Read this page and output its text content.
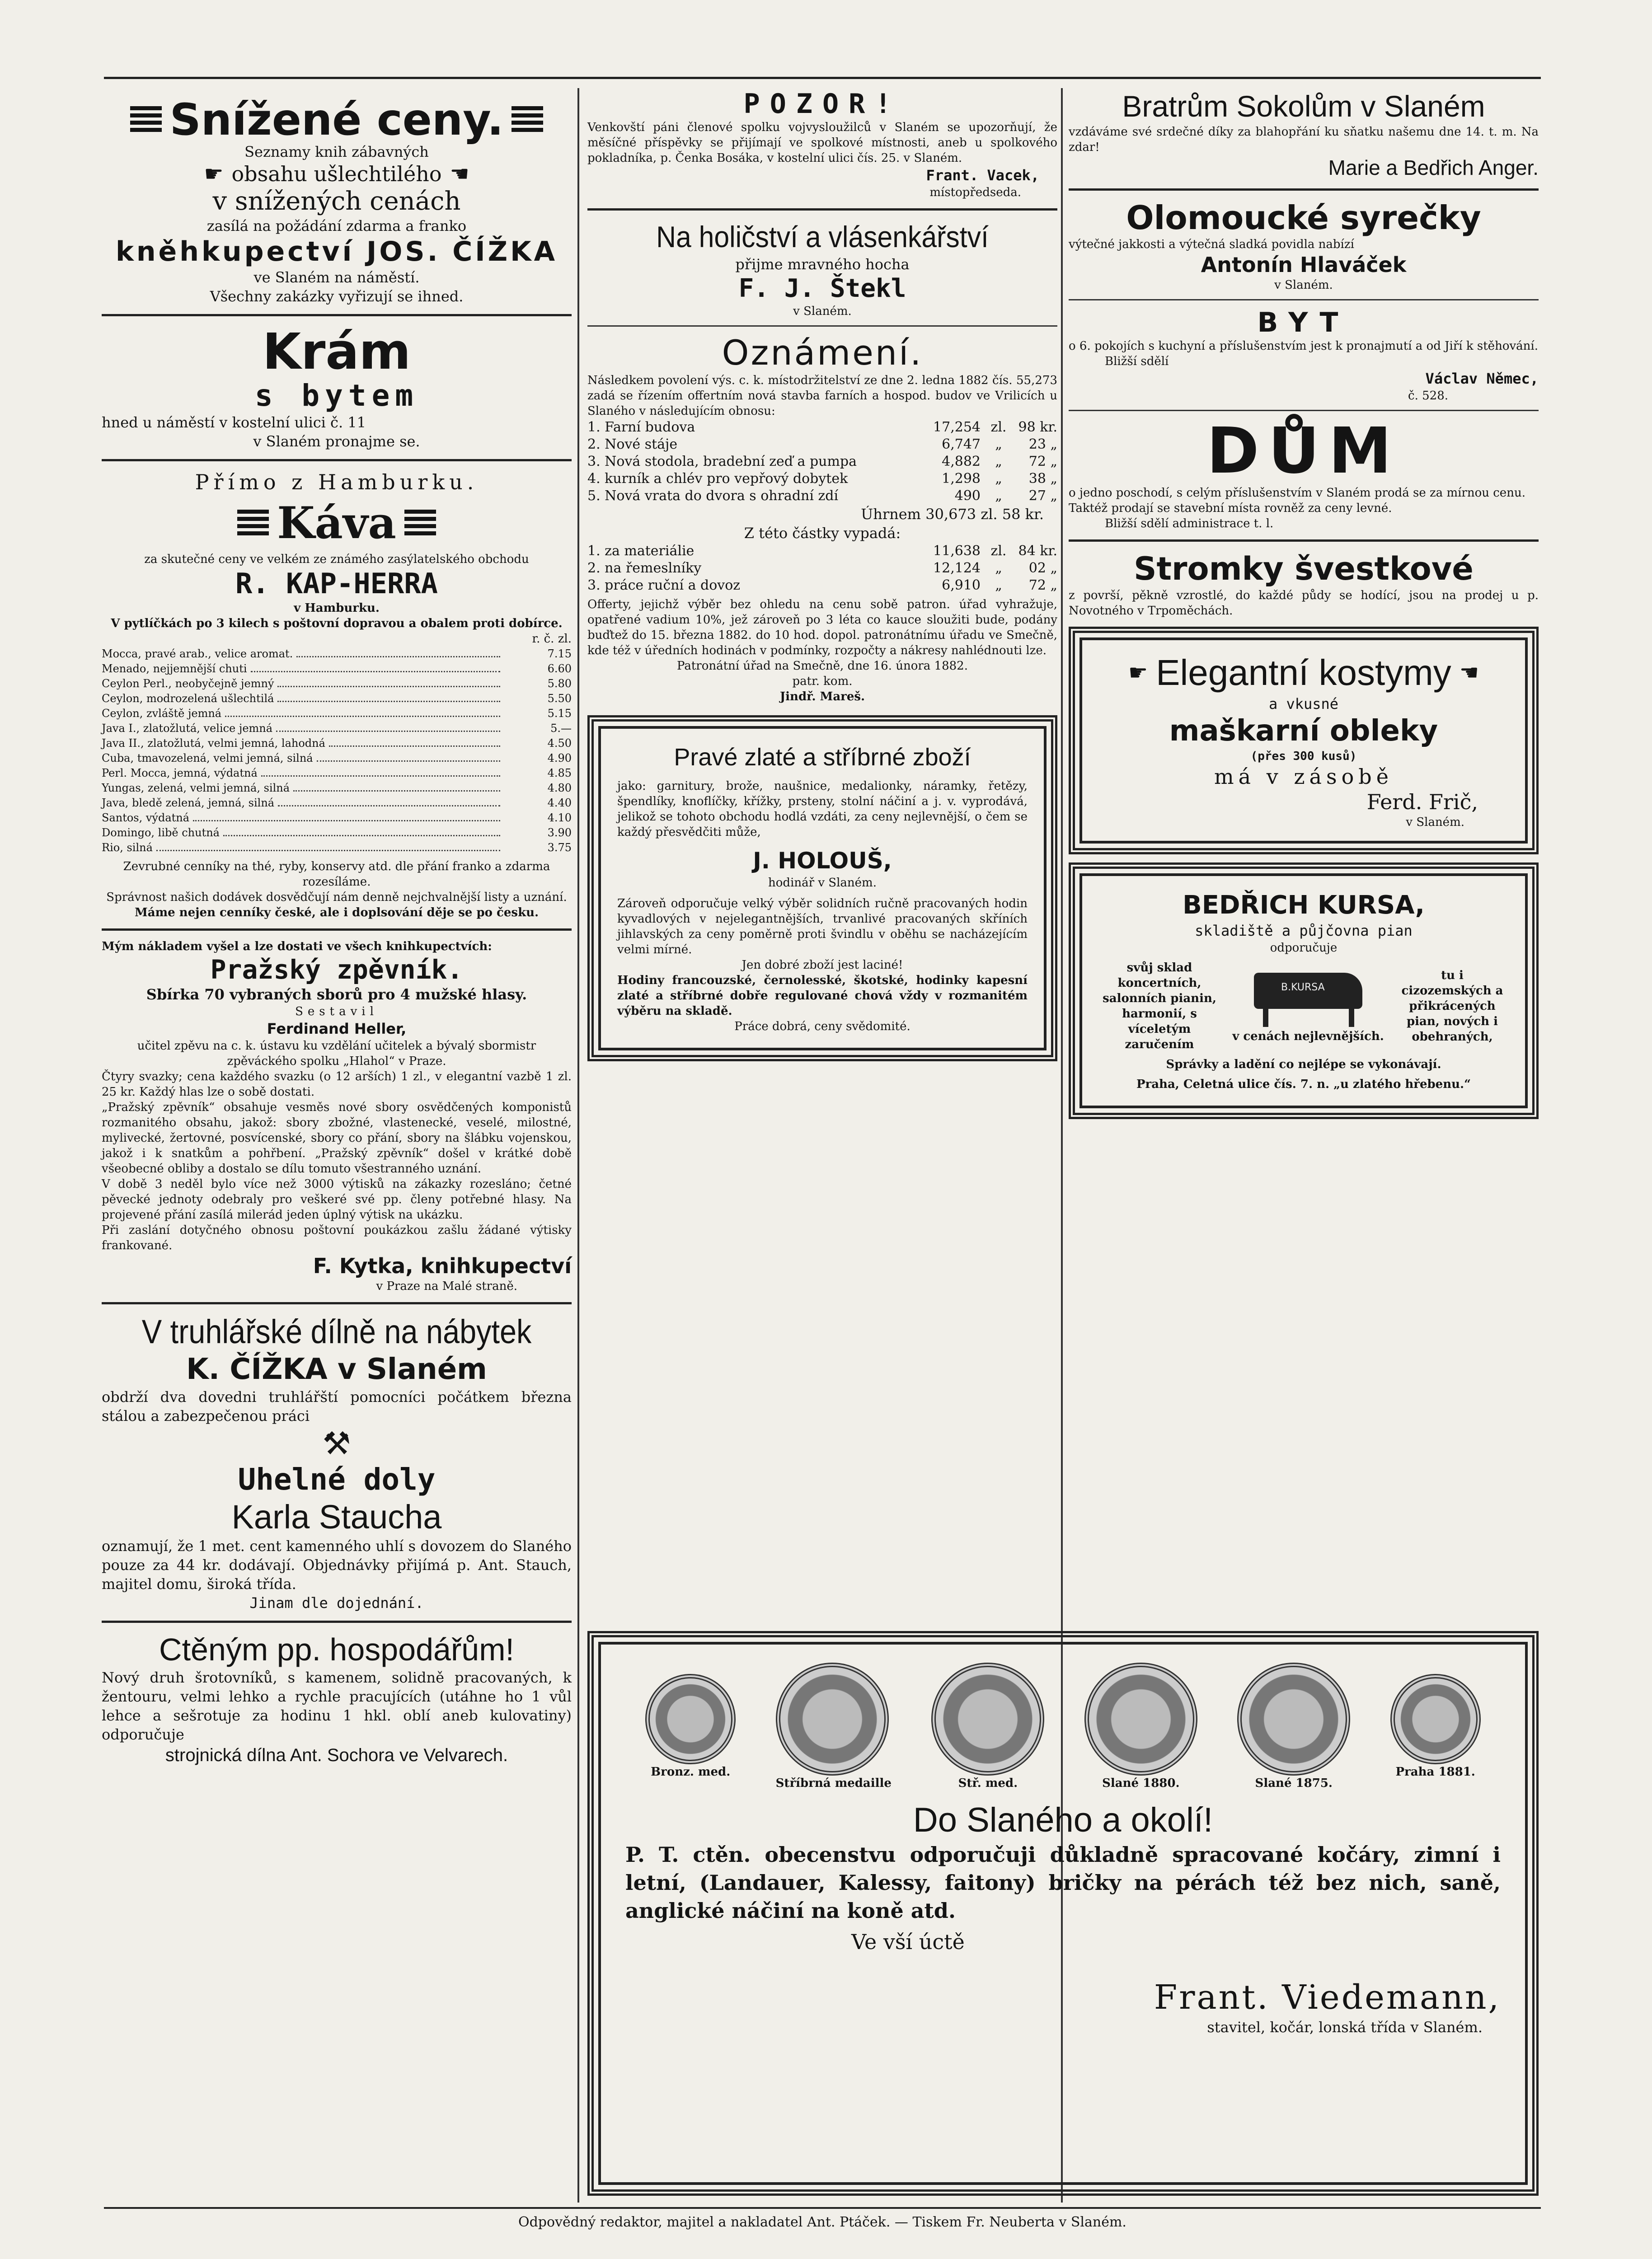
Snížené ceny.
Seznamy knih zábavných
☛ obsahu ušlechtilého ☚
v snížených cenách
zasílá na požádání zdarma a franko
kněhkupectví JOS. ČÍŽKA
ve Slaném na náměstí.
Všechny zakázky vyřizují se ihned.
Krám
s bytem
hned u náměstí v kostelní ulici č. 11
v Slaném pronajme se.
Přímo z Hamburku.
Káva
za skutečné ceny ve velkém ze známého zasýlatelského obchodu
R. KAP-HERRA
v Hamburku.
V pytlíčkách po 3 kilech s poštovní dopravou a obalem proti dobírce.
r. č. zl.
Mocca, pravé arab., velice aromat.	7.15
Menado, nejjemnější chuti	6.60
Ceylon Perl., neobyčejně jemný	5.80
Ceylon, modrozelená ušlechtilá	5.50
Ceylon, zvláště jemná	5.15
Java I., zlatožlutá, velice jemná	5.—
Java II., zlatožlutá, velmi jemná, lahodná	4.50
Cuba, tmavozelená, velmi jemná, silná	4.90
Perl. Mocca, jemná, výdatná	4.85
Yungas, zelená, velmi jemná, silná	4.80
Java, bledě zelená, jemná, silná	4.40
Santos, výdatná	4.10
Domingo, libě chutná	3.90
Rio, silná	3.75
Zevrubné cenníky na thé, ryby, konservy atd. dle přání franko a zdarma rozesílámе.
Správnost našich dodávek dosvědčují nám denně nejchvalnější listy a uznání.
Máme nejen cenníky české, ale i doplsování děje se po česku.
Mým nákladem vyšel a lze dostati ve všech knihkupectvích:
Pražský zpěvník.
Sbírka 70 vybraných sborů pro 4 mužské hlasy.
Sestavil
Ferdinand Heller,
učitel zpěvu na c. k. ústavu ku vzdělání učitelek a bývalý sbormistr zpěváckého spolku „Hlahol“ v Praze.
Čtyry svazky; cena každého svazku (o 12 arších) 1 zl., v elegantní vazbě 1 zl. 25 kr. Každý hlas lze o sobě dostati.
„Pražský zpěvník“ obsahuje vesměs nové sbory osvědčených komponistů rozmanitého obsahu, jakož: sbory zbožné, vlastenecké, veselé, milostné, mylivecké, žertovné, posvícenské, sbory co přání, sbory na šlábku vojenskou, jakož i k snatkům a pohřbení. „Pražský zpěvník“ došel v krátké době všeobecné obliby a dostalo se dílu tomuto všestranného uznání.
V době 3 neděl bylo více než 3000 výtisků na zákazky rozesláno; četné pěvecké jednoty odebraly pro veškeré své pp. členy potřebné hlasy. Na projevené přání zasílá milerád jeden úplný výtisk na ukázku.
Při zaslání dotyčného obnosu poštovní poukázkou zašlu žádané výtisky frankované.
F. Kytka, knihkupectví
v Praze na Malé straně.
V truhlářské dílně na nábytek
K. ČÍŽKA v Slaném
obdrží dva dovedni truhlářští pomocníci počátkem března stálou a zabezpečenou práci
⚒
Uhelné doly
Karla Staucha
oznamují, že 1 met. cent kamenného uhlí s dovozem do Slaného pouze za 44 kr. dodávají. Objednávky přijímá p. Ant. Stauch, majitel domu, široká třída.
Jinam dle dojednání.
Ctěným pp. hospodářům!
Nový druh šrotovníků, s kamenem, solidně pracovaných, k žentouru, velmi lehko a rychle pracujících (utáhne ho 1 vůl lehce a sešrotuje za hodinu 1 hkl. oblí aneb kulovatiny) odporučuje
strojnická dílna Ant. Sochora ve Velvarech.
POZOR!
Venkovští páni členové spolku vojvysloužilců v Slaném se upozorňují, že měsíčné příspěvky se přijímají ve spolkové místnosti, aneb u spolkového pokladníka, p. Čenka Bosáka, v kostelní ulici čís. 25. v Slaném.
Frant. Vacek,
místopředseda.
Na holičství a vlásenkářství
přijme mravného hocha
F. J. Štekl
v Slaném.
Oznámení.
Následkem povolení výs. c. k. místodržitelství ze dne 2. ledna 1882 čís. 55,273 zadá se řízením offertním nová stavba farních a hospod. budov ve Vrilicích u Slaného v následujícím obnosu:
1. Farní budova	17,254 zl. 98 kr.
2. Nové stáje	6,747	„	23 „
3. Nová stodola, bradební zeď a pumpa	4,882	„	72 „
4. kurník a chlév pro vepřový dobytek	1,298	„	38 „
5. Nová vrata do dvora s ohradní zdí	490	„	27 „
Úhrnem 30,673 zl. 58 kr.
Z této částky vypadá:
1. za materiálie	11,638 zl. 84 kr.
2. na řemeslníky	12,124	„	02 „
3. práce ruční a dovoz	6,910	„	72 „
Offerty, jejichž výběr bez ohledu na cenu sobě patron. úřad vyhražuje, opatřené vadium 10%, jež zároveň po 3 léta co kauce sloužiti bude, podány buďtež do 15. března 1882. do 10 hod. dopol. patronátnímu úřadu ve Smečně, kde též v úředních hodinách v podmínky, rozpočty a nákresy nahlédnouti lze.
Patronátní úřad na Smečně, dne 16. února 1882.
patr. kom.
Jindř. Mareš.
Pravé zlaté a stříbrné zboží
jako: garnitury, brože, naušnice, medalionky, náramky, řetězy, špendlíky, knoflíčky, křížky, prsteny, stolní náčiní a j. v. vyprodává, jelikož se tohoto obchodu hodlá vzdáti, za ceny nejlevnější, o čem se každý přesvědčiti může,
J. HOLOUŠ,
hodinář v Slaném.
Zároveň odporučuje velký výběr solidních ručně pracovaných hodin kyvadlových v nejelegantnějších, trvanlivé pracovaných skříních jihlavských za ceny poměrně proti švindlu v oběhu se nacházejícím velmi mírné.
Jen dobré zboží jest laciné!
Hodiny francouzské, černolesské, škotské, hodinky kapesní zlaté a stříbrné dobře regulované chová vždy v rozmanitém výběru na skladě.
Práce dobrá, ceny svědomité.
Bratrům Sokolům v Slaném
vzdáváme své srdečné díky za blahopřání ku sňatku našemu dne 14. t. m. Na zdar!
Marie a Bedřich Anger.
Olomoucké syrečky
výtečné jakkosti a výtečná sladká povidla nabízí
Antonín Hlaváček
v Slaném.
BYT
o 6. pokojích s kuchyní a příslušenstvím jest k pronajmutí a od Jiří k stěhování.
Bližší sdělí
Václav Němec,
č. 528.
DŮM
o jedno poschodí, s celým příslušenstvím v Slaném prodá se za mírnou cenu.
Taktéž prodají se stavební místa rovněž za ceny levné.
Bližší sdělí administrace t. l.
Stromky švestkové
z površí, pěkně vzrostlé, do každé půdy se hodící, jsou na prodej u p. Novotného v Trpoměchách.
☛ Elegantní kostymy ☚
a vkusné
maškarní obleky
(přes 300 kusů)
má v zásobě
Ferd. Frič,
v Slaném.
BEDŘICH KURSA,
skladiště a půjčovna pian
odporučuje
svůj sklad koncertních, salonních pianin, harmonií, s víceletým zaručením
B.KURSA
v cenách nejlevnějších.
tu i cizozemských a přikrácených pian, nových i obehraných,
Správky a ladění co nejlépe se vykonávají.
Praha, Celetná ulice čís. 7. n. „u zlatého hřebenu.“
Bronz. med.
Stříbrná medaille	Stř. med.	Slané 1880.	Slané 1875.
Praha 1881.
Do Slaného a okolí!
P. T. ctěn. obecenstvu odporučuji důkladně spracované kočáry, zimní i letní, (Landauer, Kalessy, faitony) bričky na pérách též bez nich, saně, anglické náčiní na koně atd.
Ve vší úctě
Frant. Viedemann,
stavitel, kočár, lonská třída v Slaném.
Odpovědný redaktor, majitel a nakladatel Ant. Ptáček. — Tiskem Fr. Neuberta v Slaném.
